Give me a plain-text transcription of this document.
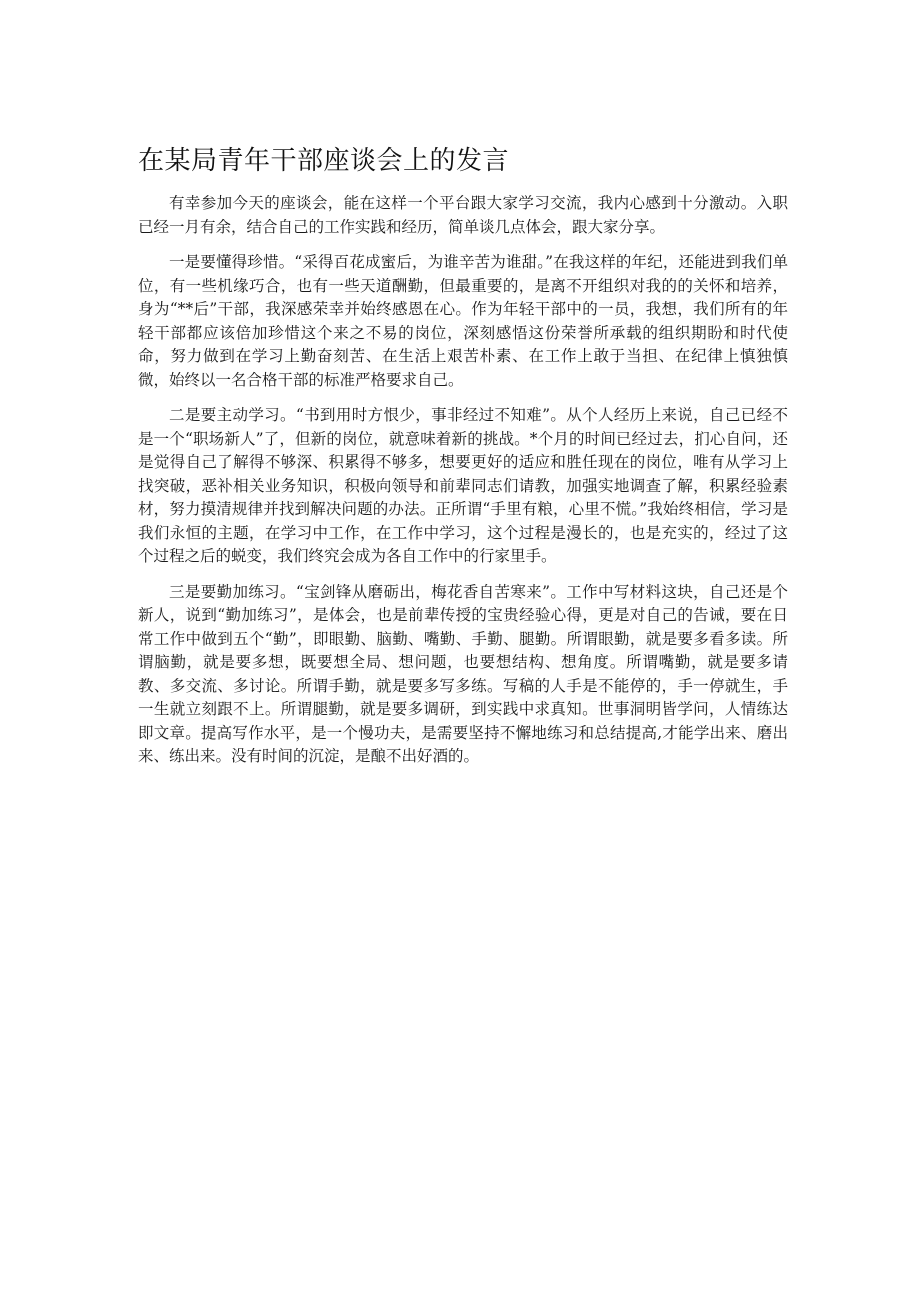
在某局青年干部座谈会上的发言

有幸参加今天的座谈会，能在这样一个平台跟大家学习交流，我内心感到十分激动。入职已经一月有余，结合自己的工作实践和经历，简单谈几点体会，跟大家分享。

一是要懂得珍惜。“采得百花成蜜后，为谁辛苦为谁甜。”在我这样的年纪，还能进到我们单位，有一些机缘巧合，也有一些天道酬勤，但最重要的，是离不开组织对我的的关怀和培养，身为“**后”干部，我深感荣幸并始终感恩在心。作为年轻干部中的一员，我想，我们所有的年轻干部都应该倍加珍惜这个来之不易的岗位，深刻感悟这份荣誉所承载的组织期盼和时代使命，努力做到在学习上勤奋刻苦、在生活上艰苦朴素、在工作上敢于当担、在纪律上慎独慎微，始终以一名合格干部的标准严格要求自己。

二是要主动学习。“书到用时方恨少，事非经过不知难”。从个人经历上来说，自己已经不是一个“职场新人”了，但新的岗位，就意味着新的挑战。*个月的时间已经过去，扪心自问，还是觉得自己了解得不够深、积累得不够多，想要更好的适应和胜任现在的岗位，唯有从学习上找突破，恶补相关业务知识，积极向领导和前辈同志们请教，加强实地调查了解，积累经验素材，努力摸清规律并找到解决问题的办法。正所谓“手里有粮，心里不慌。”我始终相信，学习是我们永恒的主题，在学习中工作，在工作中学习，这个过程是漫长的，也是充实的，经过了这个过程之后的蜕变，我们终究会成为各自工作中的行家里手。

三是要勤加练习。“宝剑锋从磨砺出，梅花香自苦寒来”。工作中写材料这块，自己还是个新人，说到“勤加练习”，是体会，也是前辈传授的宝贵经验心得，更是对自己的告诫，要在日常工作中做到五个“勤”，即眼勤、脑勤、嘴勤、手勤、腿勤。所谓眼勤，就是要多看多读。所谓脑勤，就是要多想，既要想全局、想问题，也要想结构、想角度。所谓嘴勤，就是要多请教、多交流、多讨论。所谓手勤，就是要多写多练。写稿的人手是不能停的，手一停就生，手一生就立刻跟不上。所谓腿勤，就是要多调研，到实践中求真知。世事洞明皆学问，人情练达即文章。提高写作水平，是一个慢功夫，是需要坚持不懈地练习和总结提高,才能学出来、磨出来、练出来。没有时间的沉淀，是酿不出好酒的。
